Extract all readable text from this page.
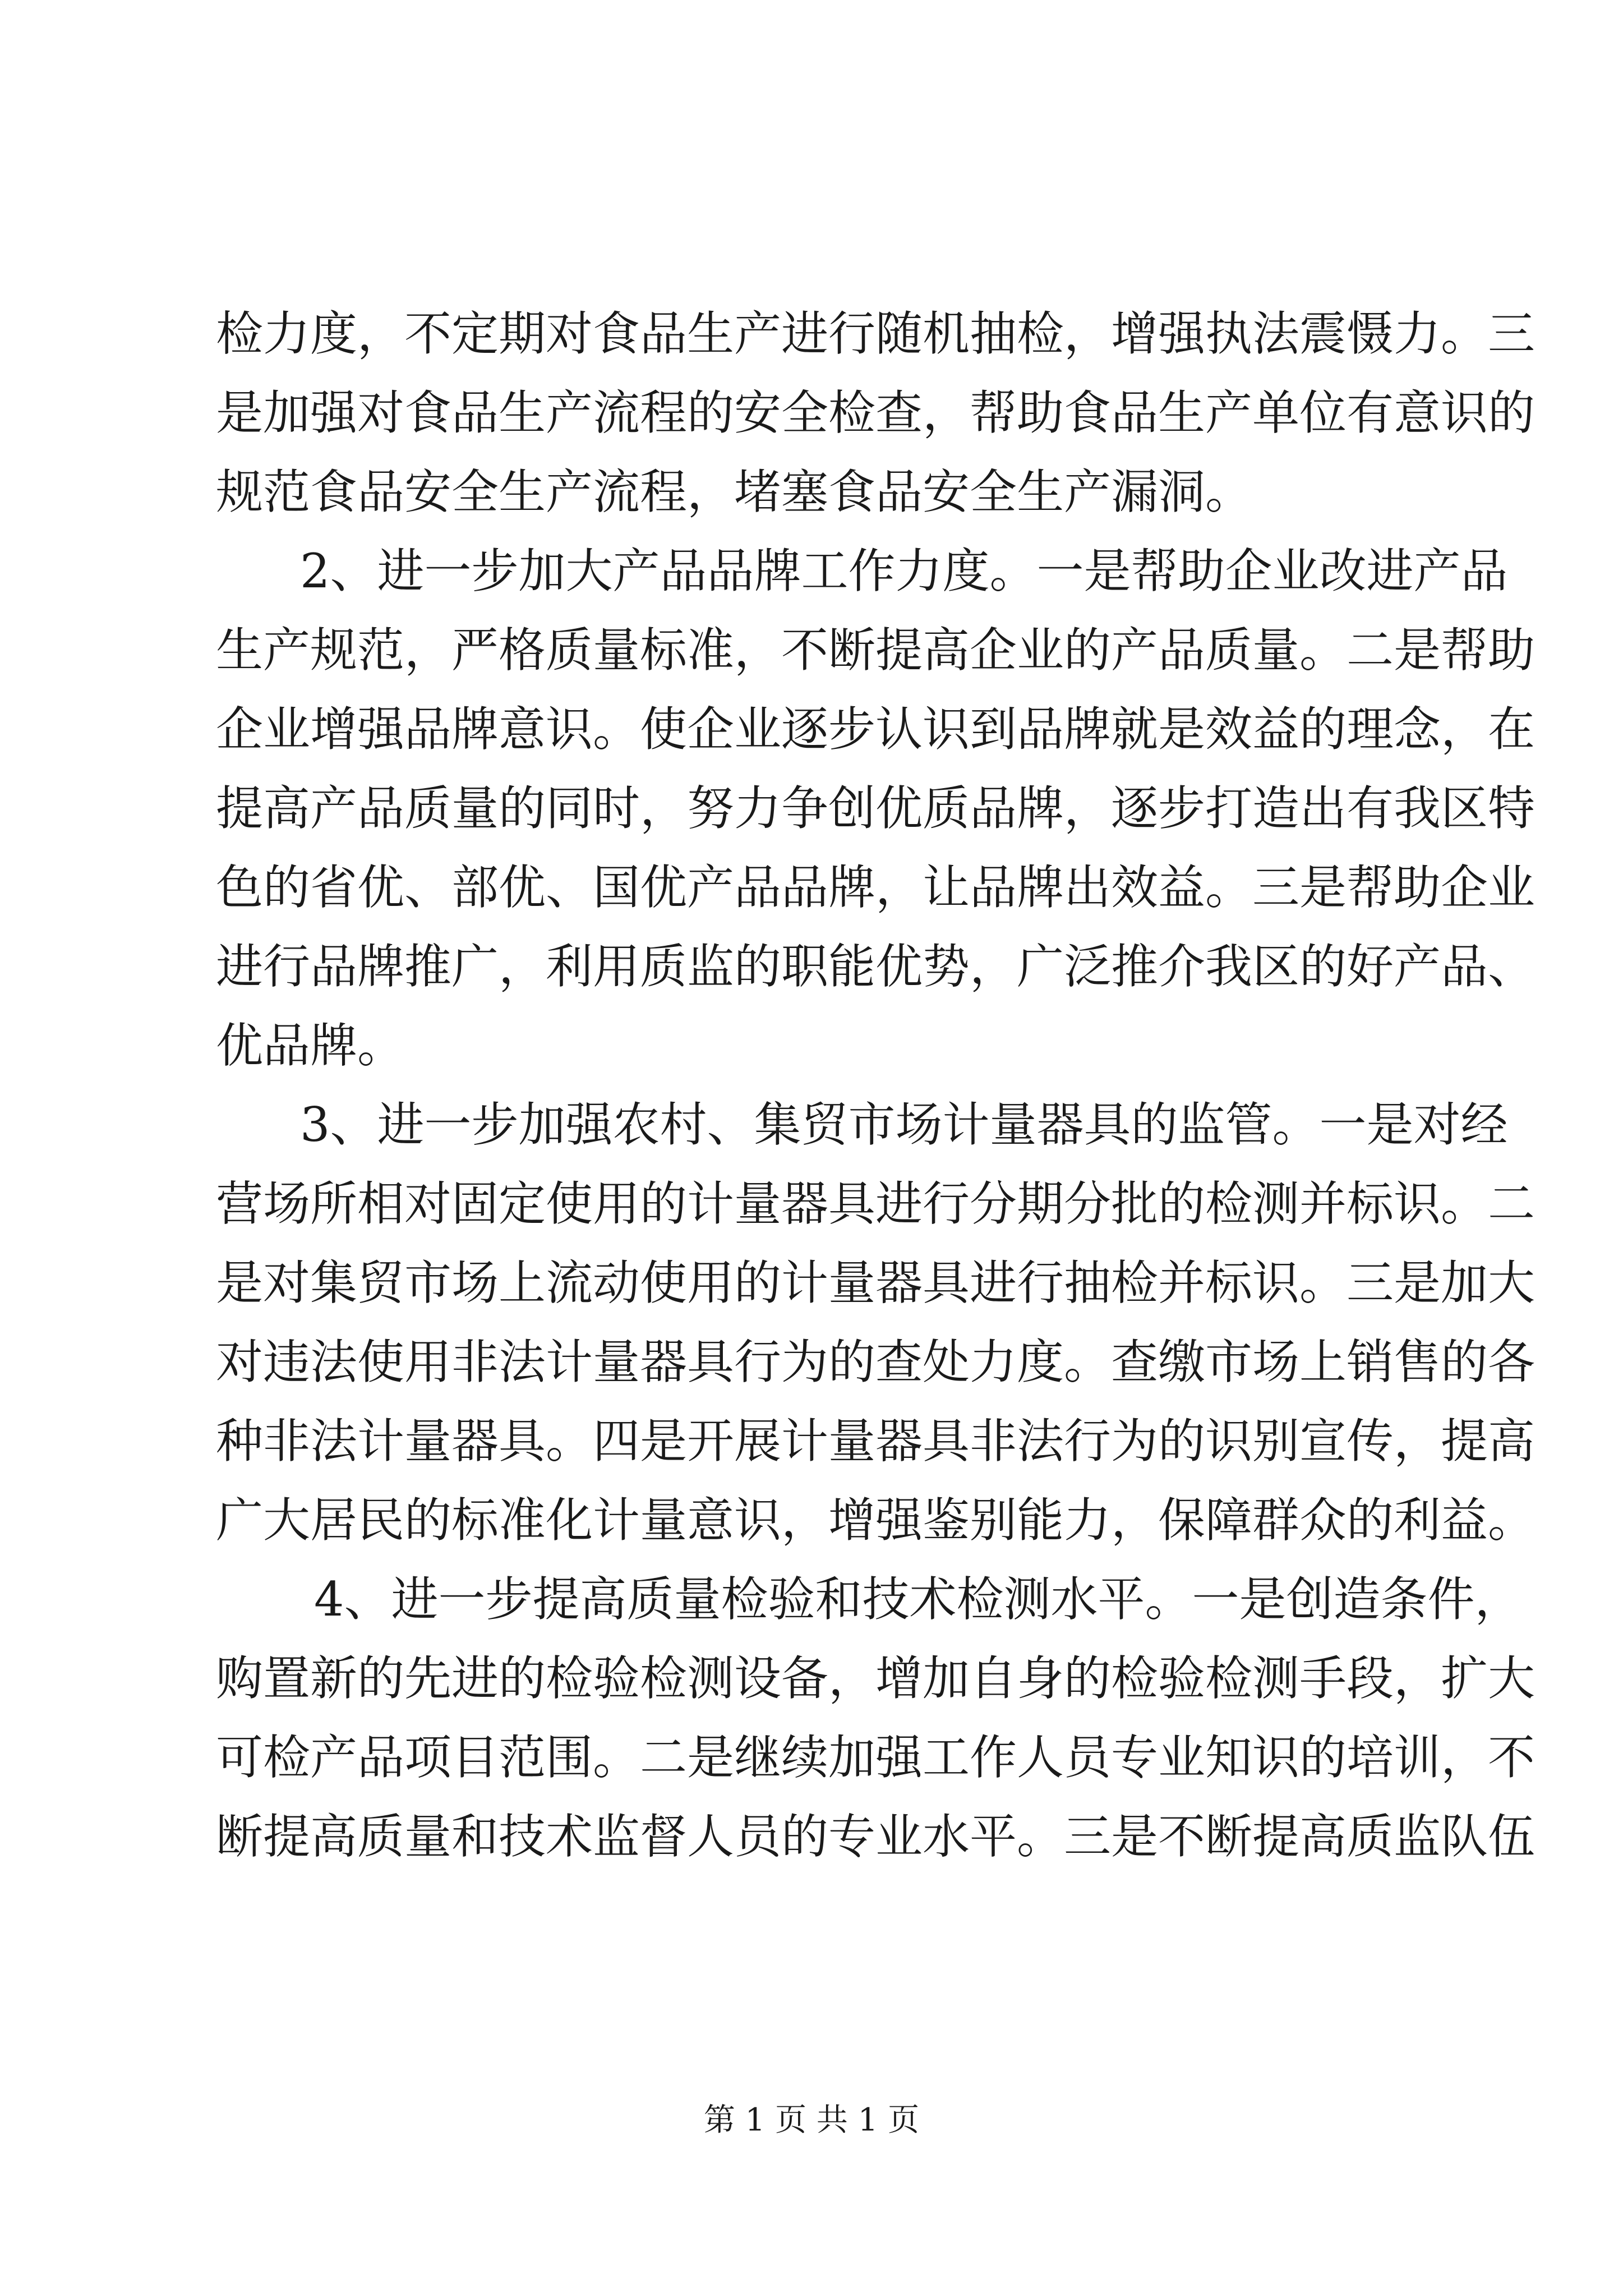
检力度，不定期对食品生产进行随机抽检，增强执法震慑力。三
是加强对食品生产流程的安全检查，帮助食品生产单位有意识的
规范食品安全生产流程，堵塞食品安全生产漏洞。
2、进一步加大产品品牌工作力度。一是帮助企业改进产品
生产规范，严格质量标准，不断提高企业的产品质量。二是帮助
企业增强品牌意识。使企业逐步认识到品牌就是效益的理念，在
提高产品质量的同时，努力争创优质品牌，逐步打造出有我区特
色的省优、部优、国优产品品牌，让品牌出效益。三是帮助企业
进行品牌推广，利用质监的职能优势，广泛推介我区的好产品、
优品牌。
3、进一步加强农村、集贸市场计量器具的监管。一是对经
营场所相对固定使用的计量器具进行分期分批的检测并标识。二
是对集贸市场上流动使用的计量器具进行抽检并标识。三是加大
对违法使用非法计量器具行为的查处力度。查缴市场上销售的各
种非法计量器具。四是开展计量器具非法行为的识别宣传，提高
广大居民的标准化计量意识，增强鉴别能力，保障群众的利益。
4、进一步提高质量检验和技术检测水平。一是创造条件，
购置新的先进的检验检测设备，增加自身的检验检测手段，扩大
可检产品项目范围。二是继续加强工作人员专业知识的培训，不
断提高质量和技术监督人员的专业水平。三是不断提高质监队伍
第 1 页 共 1 页
